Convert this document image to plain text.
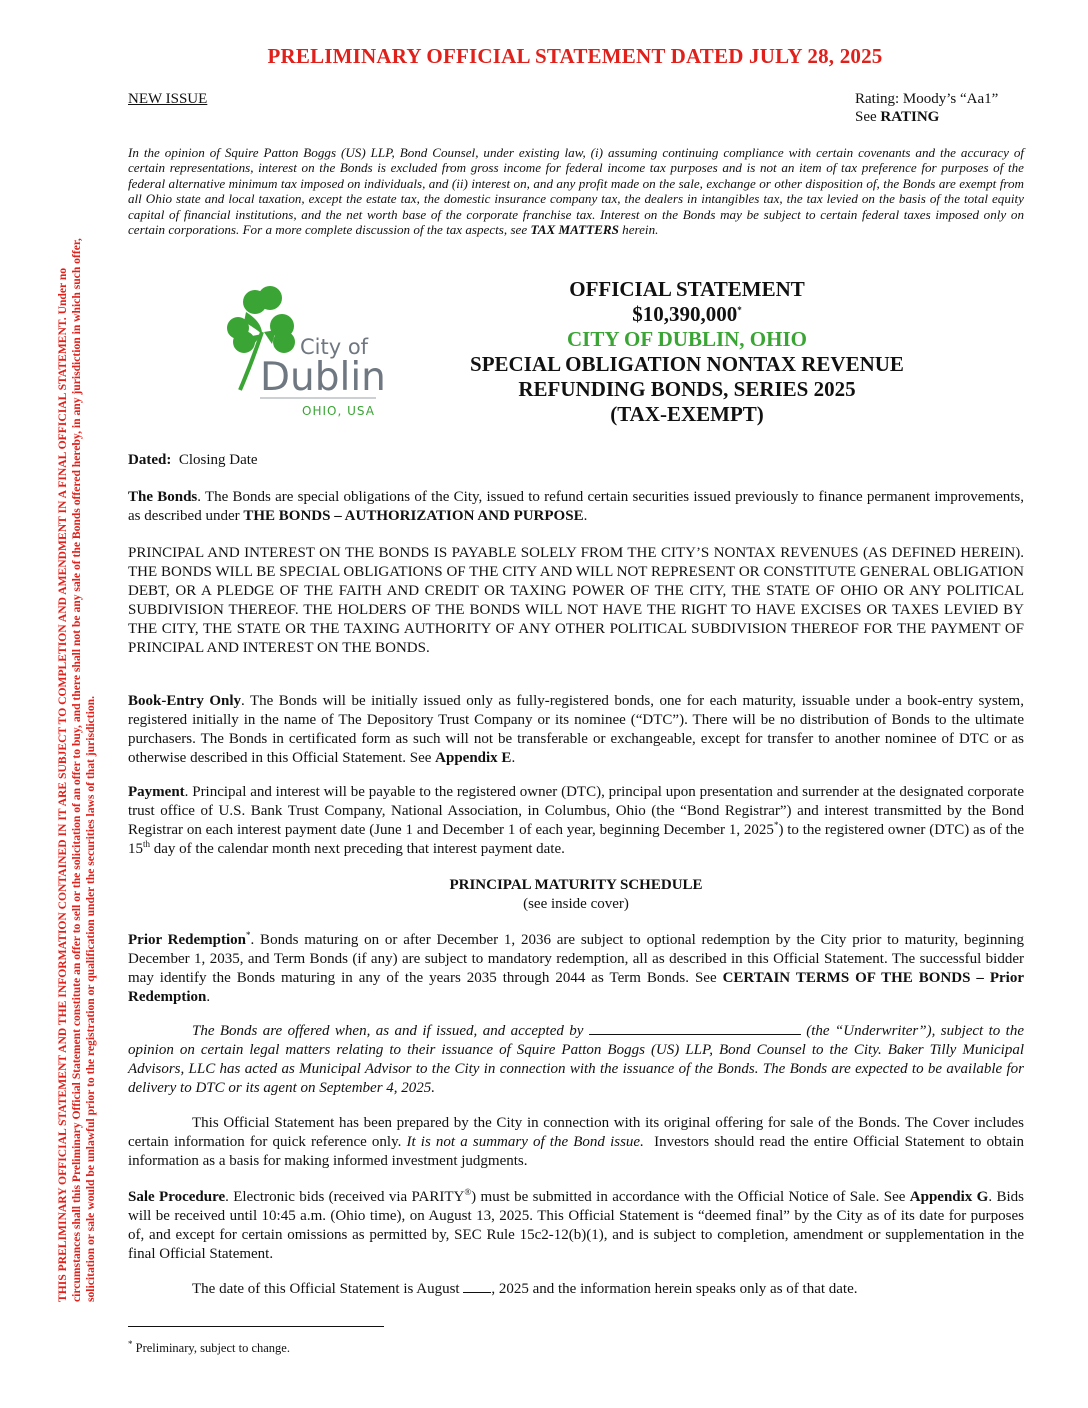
PRELIMINARY OFFICIAL STATEMENT DATED JULY 28, 2025
THIS PRELIMINARY OFFICIAL STATEMENT AND THE INFORMATION CONTAINED IN IT ARE SUBJECT TO COMPLETION AND AMENDMENT IN A FINAL OFFICIAL STATEMENT. Under no circumstances shall this Preliminary Official Statement constitute an offer to sell or the solicitation of an offer to buy, and there shall not be any sale of the Bonds offered hereby, in any jurisdiction in which such offer, solicitation or sale would be unlawful prior to the registration or qualification under the securities laws of that jurisdiction.
NEW ISSUE	Rating: Moody’s “Aa1”
See RATING
In the opinion of Squire Patton Boggs (US) LLP, Bond Counsel, under existing law, (i) assuming continuing compliance with certain covenants and the accuracy of certain representations, interest on the Bonds is excluded from gross income for federal income tax purposes and is not an item of tax preference for purposes of the federal alternative minimum tax imposed on individuals, and (ii) interest on, and any profit made on the sale, exchange or other disposition of, the Bonds are exempt from all Ohio state and local taxation, except the estate tax, the domestic insurance company tax, the dealers in intangibles tax, the tax levied on the basis of the total equity capital of financial institutions, and the net worth base of the corporate franchise tax. Interest on the Bonds may be subject to certain federal taxes imposed only on certain corporations. For a more complete discussion of the tax aspects, see TAX MATTERS herein.
City of
Dublin
OHIO, USA
OFFICIAL STATEMENT
$10,390,000*
CITY OF DUBLIN, OHIO
SPECIAL OBLIGATION NONTAX REVENUE
REFUNDING BONDS, SERIES 2025
(TAX-EXEMPT)
Dated:  Closing Date
The Bonds. The Bonds are special obligations of the City, issued to refund certain securities issued previously to finance permanent improvements, as described under THE BONDS – AUTHORIZATION AND PURPOSE.
PRINCIPAL AND INTEREST ON THE BONDS IS PAYABLE SOLELY FROM THE CITY’S NONTAX REVENUES (AS DEFINED HEREIN). THE BONDS WILL BE SPECIAL OBLIGATIONS OF THE CITY AND WILL NOT REPRESENT OR CONSTITUTE GENERAL OBLIGATION DEBT, OR A PLEDGE OF THE FAITH AND CREDIT OR TAXING POWER OF THE CITY, THE STATE OF OHIO OR ANY POLITICAL SUBDIVISION THEREOF. THE HOLDERS OF THE BONDS WILL NOT HAVE THE RIGHT TO HAVE EXCISES OR TAXES LEVIED BY THE CITY, THE STATE OR THE TAXING AUTHORITY OF ANY OTHER POLITICAL SUBDIVISION THEREOF FOR THE PAYMENT OF PRINCIPAL AND INTEREST ON THE BONDS.
Book-Entry Only. The Bonds will be initially issued only as fully-registered bonds, one for each maturity, issuable under a book-entry system, registered initially in the name of The Depository Trust Company or its nominee (“DTC”). There will be no distribution of Bonds to the ultimate purchasers. The Bonds in certificated form as such will not be transferable or exchangeable, except for transfer to another nominee of DTC or as otherwise described in this Official Statement. See Appendix E.
Payment. Principal and interest will be payable to the registered owner (DTC), principal upon presentation and surrender at the designated corporate trust office of U.S. Bank Trust Company, National Association, in Columbus, Ohio (the “Bond Registrar”) and interest transmitted by the Bond Registrar on each interest payment date (June 1 and December 1 of each year, beginning December 1, 2025*) to the registered owner (DTC) as of the 15th day of the calendar month next preceding that interest payment date.
PRINCIPAL MATURITY SCHEDULE
(see inside cover)
Prior Redemption*. Bonds maturing on or after December 1, 2036 are subject to optional redemption by the City prior to maturity, beginning December 1, 2035, and Term Bonds (if any) are subject to mandatory redemption, all as described in this Official Statement. The successful bidder may identify the Bonds maturing in any of the years 2035 through 2044 as Term Bonds. See CERTAIN TERMS OF THE BONDS – Prior Redemption.
The Bonds are offered when, as and if issued, and accepted by	(the “Underwriter”), subject to the opinion on certain legal matters relating to their issuance of Squire Patton Boggs (US) LLP, Bond Counsel to the City. Baker Tilly Municipal Advisors, LLC has acted as Municipal Advisor to the City in connection with the issuance of the Bonds. The Bonds are expected to be available for delivery to DTC or its agent on September 4, 2025.
This Official Statement has been prepared by the City in connection with its original offering for sale of the Bonds. The Cover includes certain information for quick reference only. It is not a summary of the Bond issue.  Investors should read the entire Official Statement to obtain information as a basis for making informed investment judgments.
Sale Procedure. Electronic bids (received via PARITY®) must be submitted in accordance with the Official Notice of Sale. See Appendix G. Bids will be received until 10:45 a.m. (Ohio time), on August 13, 2025. This Official Statement is “deemed final” by the City as of its date for purposes of, and except for certain omissions as permitted by, SEC Rule 15c2-12(b)(1), and is subject to completion, amendment or supplementation in the final Official Statement.
The date of this Official Statement is August , 2025 and the information herein speaks only as of that date.
* Preliminary, subject to change.
